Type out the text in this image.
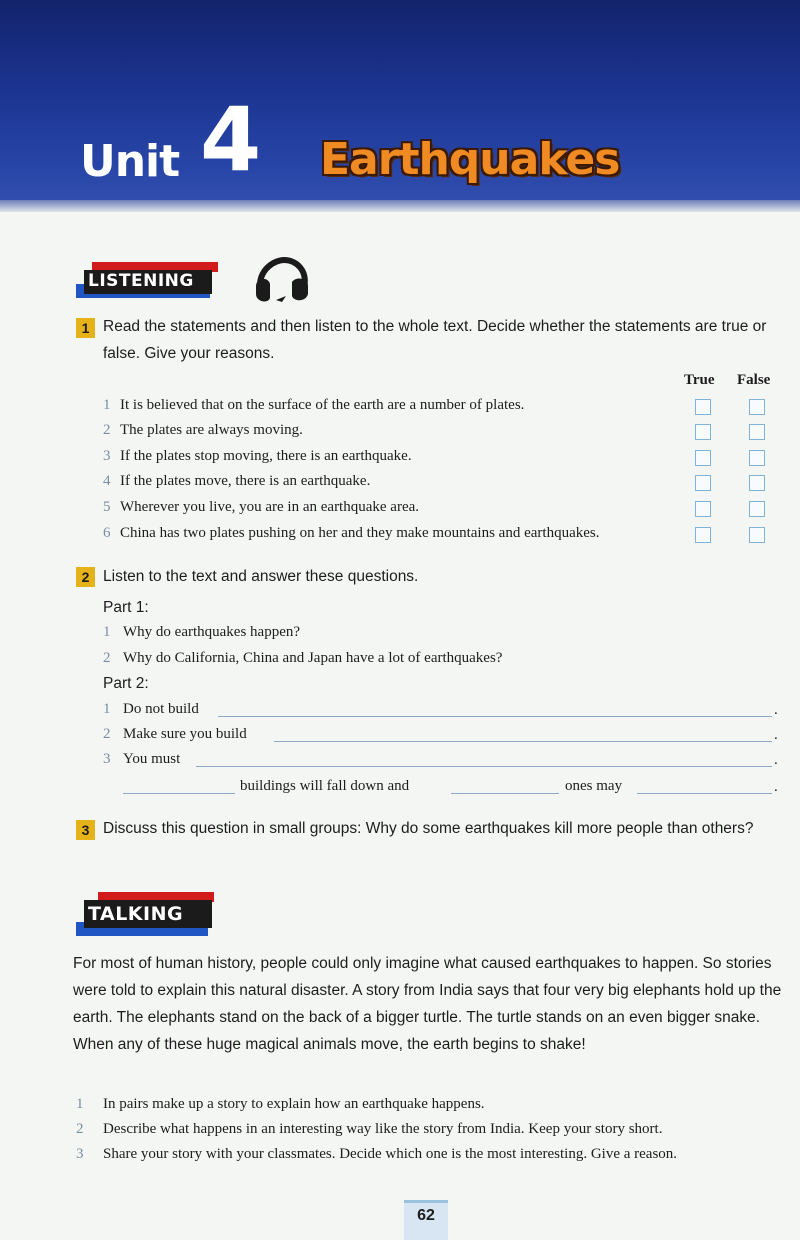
Unit 4 Earthquakes
LISTENING
1 Read the statements and then listen to the whole text. Decide whether the statements are true or false. Give your reasons.
True False
1 It is believed that on the surface of the earth are a number of plates.
2 The plates are always moving.
3 If the plates stop moving, there is an earthquake.
4 If the plates move, there is an earthquake.
5 Wherever you live, you are in an earthquake area.
6 China has two plates pushing on her and they make mountains and earthquakes.
2 Listen to the text and answer these questions.
Part 1:
1 Why do earthquakes happen?
2 Why do California, China and Japan have a lot of earthquakes?
Part 2:
1 Do not build	.
2 Make sure you build	.
3 You must	.
buildings will fall down and	ones may	.
3 Discuss this question in small groups: Why do some earthquakes kill more people than others?
TALKING
For most of human history, people could only imagine what caused earthquakes to happen. So stories were told to explain this natural disaster. A story from India says that four very big elephants hold up the earth. The elephants stand on the back of a bigger turtle. The turtle stands on an even bigger snake. When any of these huge magical animals move, the earth begins to shake!
1 In pairs make up a story to explain how an earthquake happens.
2 Describe what happens in an interesting way like the story from India. Keep your story short.
3 Share your story with your classmates. Decide which one is the most interesting. Give a reason.
62
